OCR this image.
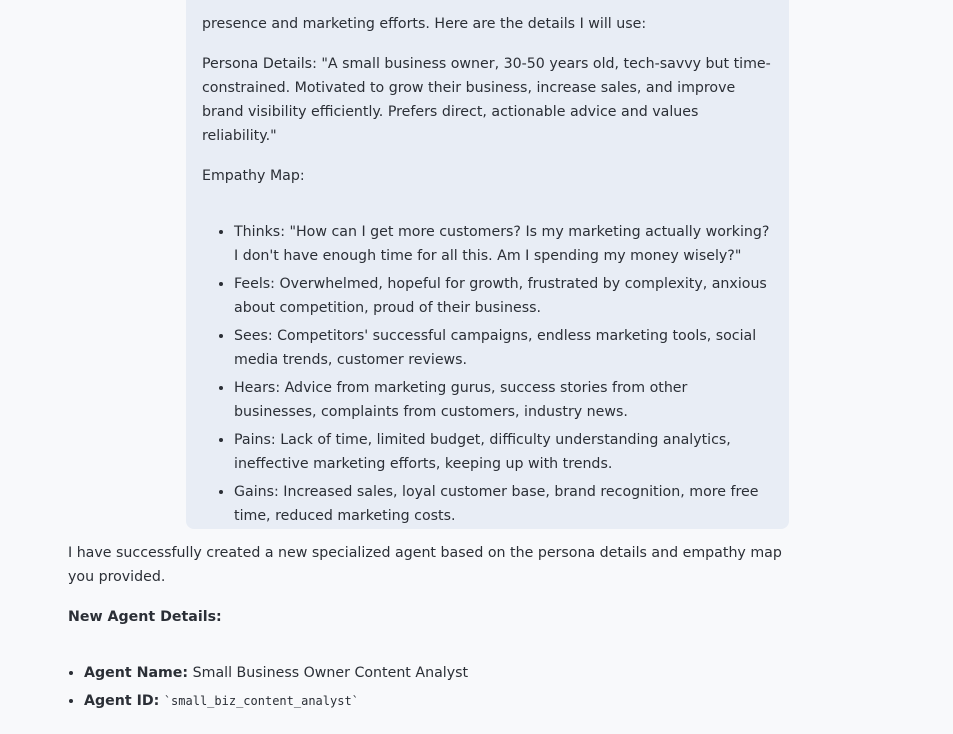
presence and marketing efforts. Here are the details I will use:

Persona Details: "A small business owner, 30-50 years old, tech-savvy but time-constrained. Motivated to grow their business, increase sales, and improve brand visibility efficiently. Prefers direct, actionable advice and values reliability."

Empathy Map:

• Thinks: "How can I get more customers? Is my marketing actually working? I don't have enough time for all this. Am I spending my money wisely?"
• Feels: Overwhelmed, hopeful for growth, frustrated by complexity, anxious about competition, proud of their business.
• Sees: Competitors' successful campaigns, endless marketing tools, social media trends, customer reviews.
• Hears: Advice from marketing gurus, success stories from other businesses, complaints from customers, industry news.
• Pains: Lack of time, limited budget, difficulty understanding analytics, ineffective marketing efforts, keeping up with trends.
• Gains: Increased sales, loyal customer base, brand recognition, more free time, reduced marketing costs.

I have successfully created a new specialized agent based on the persona details and empathy map you provided.

New Agent Details:

• Agent Name: Small Business Owner Content Analyst
• Agent ID: `small_biz_content_analyst`
